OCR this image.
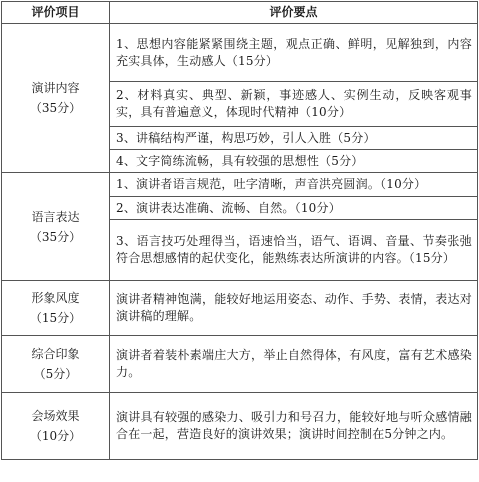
评价项目	评价要点

演讲内容
（35分）	1、思想内容能紧紧围绕主题，观点正确、鲜明，见解独到，内容充实具体，生动感人（15分）
	2、材料真实、典型、新颖，事迹感人、实例生动，反映客观事实，具有普遍意义，体现时代精神（10分）
	3、讲稿结构严谨，构思巧妙，引人入胜（5分）
	4、文字简练流畅，具有较强的思想性（5分）

语言表达
（35分）	1、演讲者语言规范，吐字清晰，声音洪亮圆润。（10分）
	2、演讲表达准确、流畅、自然。（10分）
	3、语言技巧处理得当，语速恰当，语气、语调、音量、节奏张弛符合思想感情的起伏变化，能熟练表达所演讲的内容。（15分）

形象风度
（15分）	演讲者精神饱满，能较好地运用姿态、动作、手势、表情，表达对演讲稿的理解。

综合印象
（5分）	演讲者着装朴素端庄大方，举止自然得体，有风度，富有艺术感染力。

会场效果
（10分）	演讲具有较强的感染力、吸引力和号召力，能较好地与听众感情融合在一起，营造良好的演讲效果；演讲时间控制在5分钟之内。
